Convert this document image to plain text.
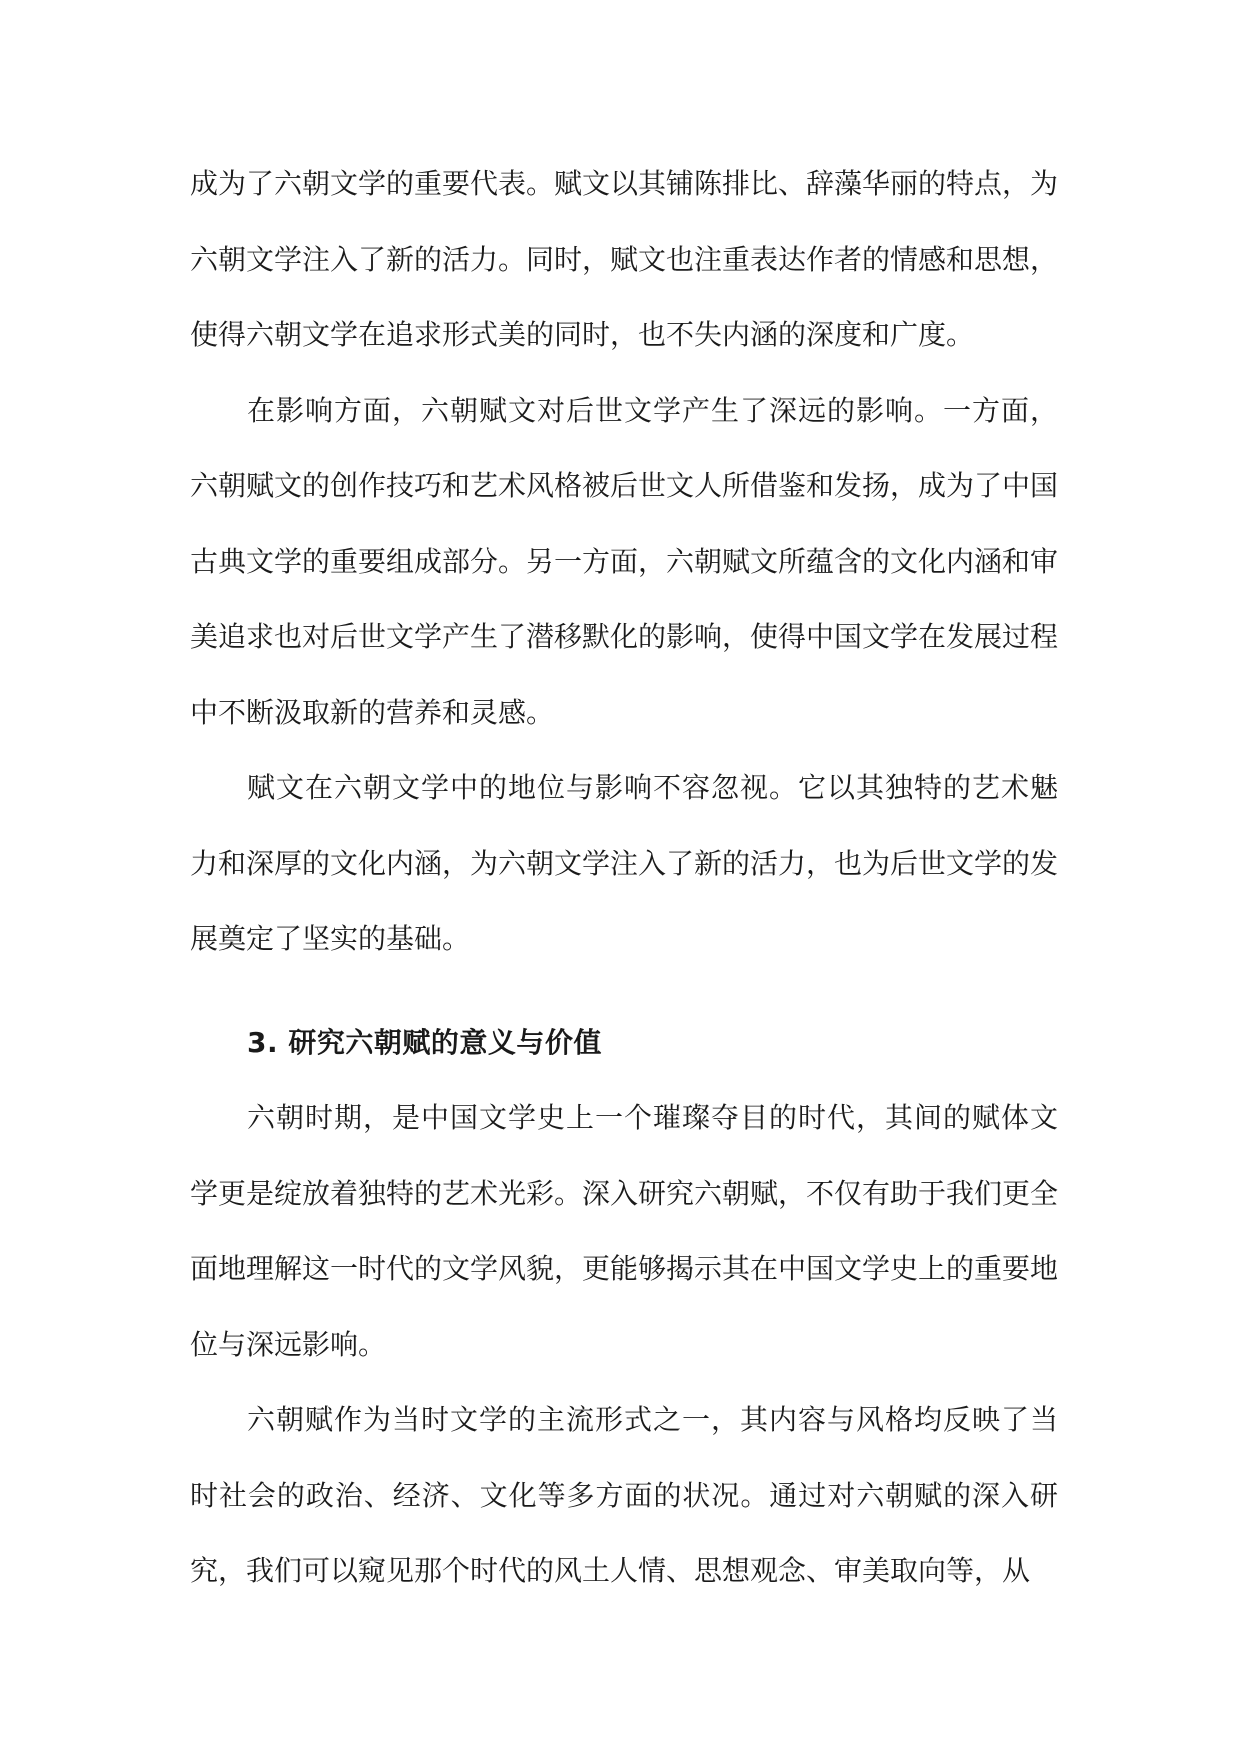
成为了六朝文学的重要代表。赋文以其铺陈排比、辞藻华丽的特点，为六朝文学注入了新的活力。同时，赋文也注重表达作者的情感和思想，使得六朝文学在追求形式美的同时，也不失内涵的深度和广度。

在影响方面，六朝赋文对后世文学产生了深远的影响。一方面，六朝赋文的创作技巧和艺术风格被后世文人所借鉴和发扬，成为了中国古典文学的重要组成部分。另一方面，六朝赋文所蕴含的文化内涵和审美追求也对后世文学产生了潜移默化的影响，使得中国文学在发展过程中不断汲取新的营养和灵感。

赋文在六朝文学中的地位与影响不容忽视。它以其独特的艺术魅力和深厚的文化内涵，为六朝文学注入了新的活力，也为后世文学的发展奠定了坚实的基础。

3. 研究六朝赋的意义与价值

六朝时期，是中国文学史上一个璀璨夺目的时代，其间的赋体文学更是绽放着独特的艺术光彩。深入研究六朝赋，不仅有助于我们更全面地理解这一时代的文学风貌，更能够揭示其在中国文学史上的重要地位与深远影响。

六朝赋作为当时文学的主流形式之一，其内容与风格均反映了当时社会的政治、经济、文化等多方面的状况。通过对六朝赋的深入研究，我们可以窥见那个时代的风土人情、思想观念、审美取向等，从
